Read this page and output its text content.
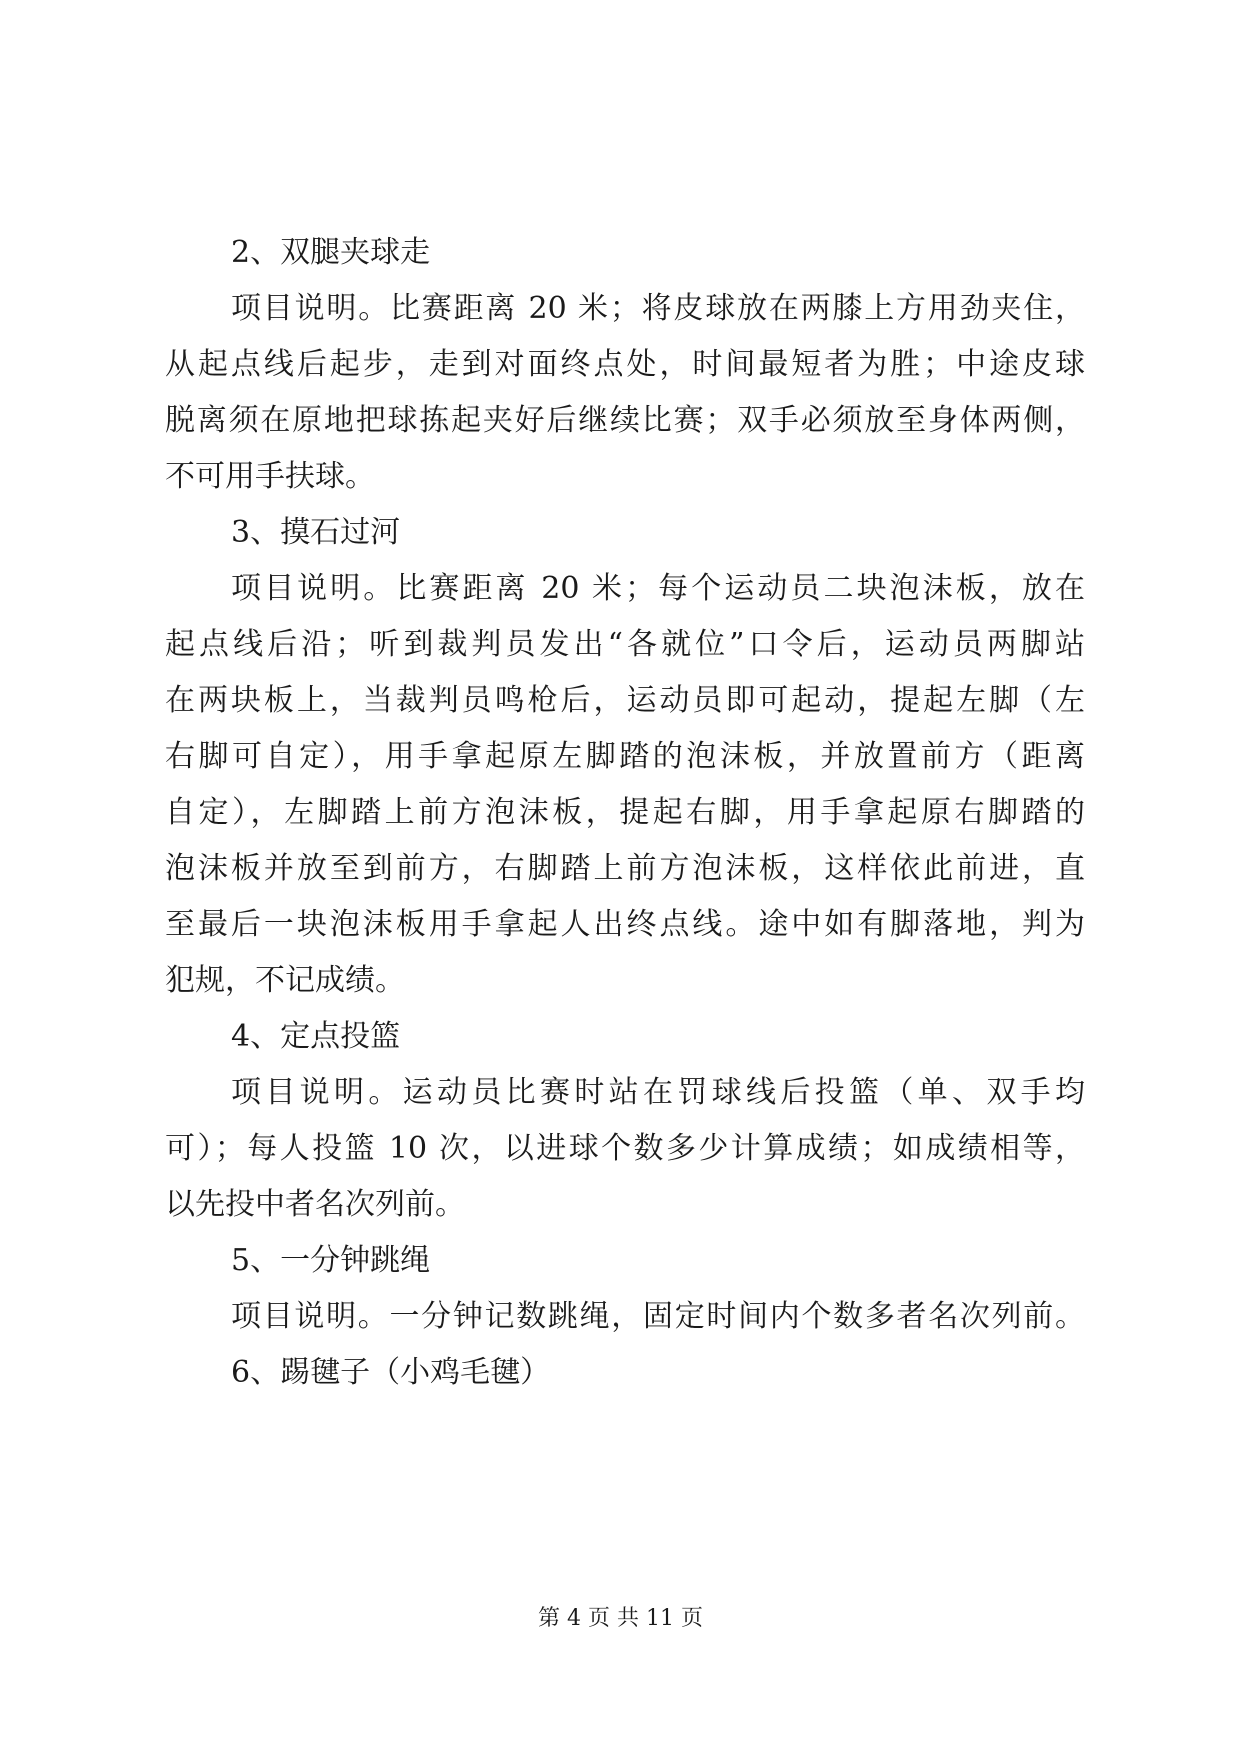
2、双腿夹球走
项目说明。比赛距离 20 米；将皮球放在两膝上方用劲夹住，
从起点线后起步，走到对面终点处，时间最短者为胜；中途皮球
脱离须在原地把球拣起夹好后继续比赛；双手必须放至身体两侧，
不可用手扶球。
3、摸石过河
项目说明。比赛距离 20 米；每个运动员二块泡沫板，放在
起点线后沿；听到裁判员发出“各就位”口令后，运动员两脚站
在两块板上，当裁判员鸣枪后，运动员即可起动，提起左脚（左
右脚可自定），用手拿起原左脚踏的泡沫板，并放置前方（距离
自定），左脚踏上前方泡沫板，提起右脚，用手拿起原右脚踏的
泡沫板并放至到前方，右脚踏上前方泡沫板，这样依此前进，直
至最后一块泡沫板用手拿起人出终点线。途中如有脚落地，判为
犯规，不记成绩。
4、定点投篮
项目说明。运动员比赛时站在罚球线后投篮（单、双手均
可）；每人投篮 10 次，以进球个数多少计算成绩；如成绩相等，
以先投中者名次列前。
5、一分钟跳绳
项目说明。一分钟记数跳绳，固定时间内个数多者名次列前。
6、踢毽子（小鸡毛毽）
第 4 页 共 11 页
